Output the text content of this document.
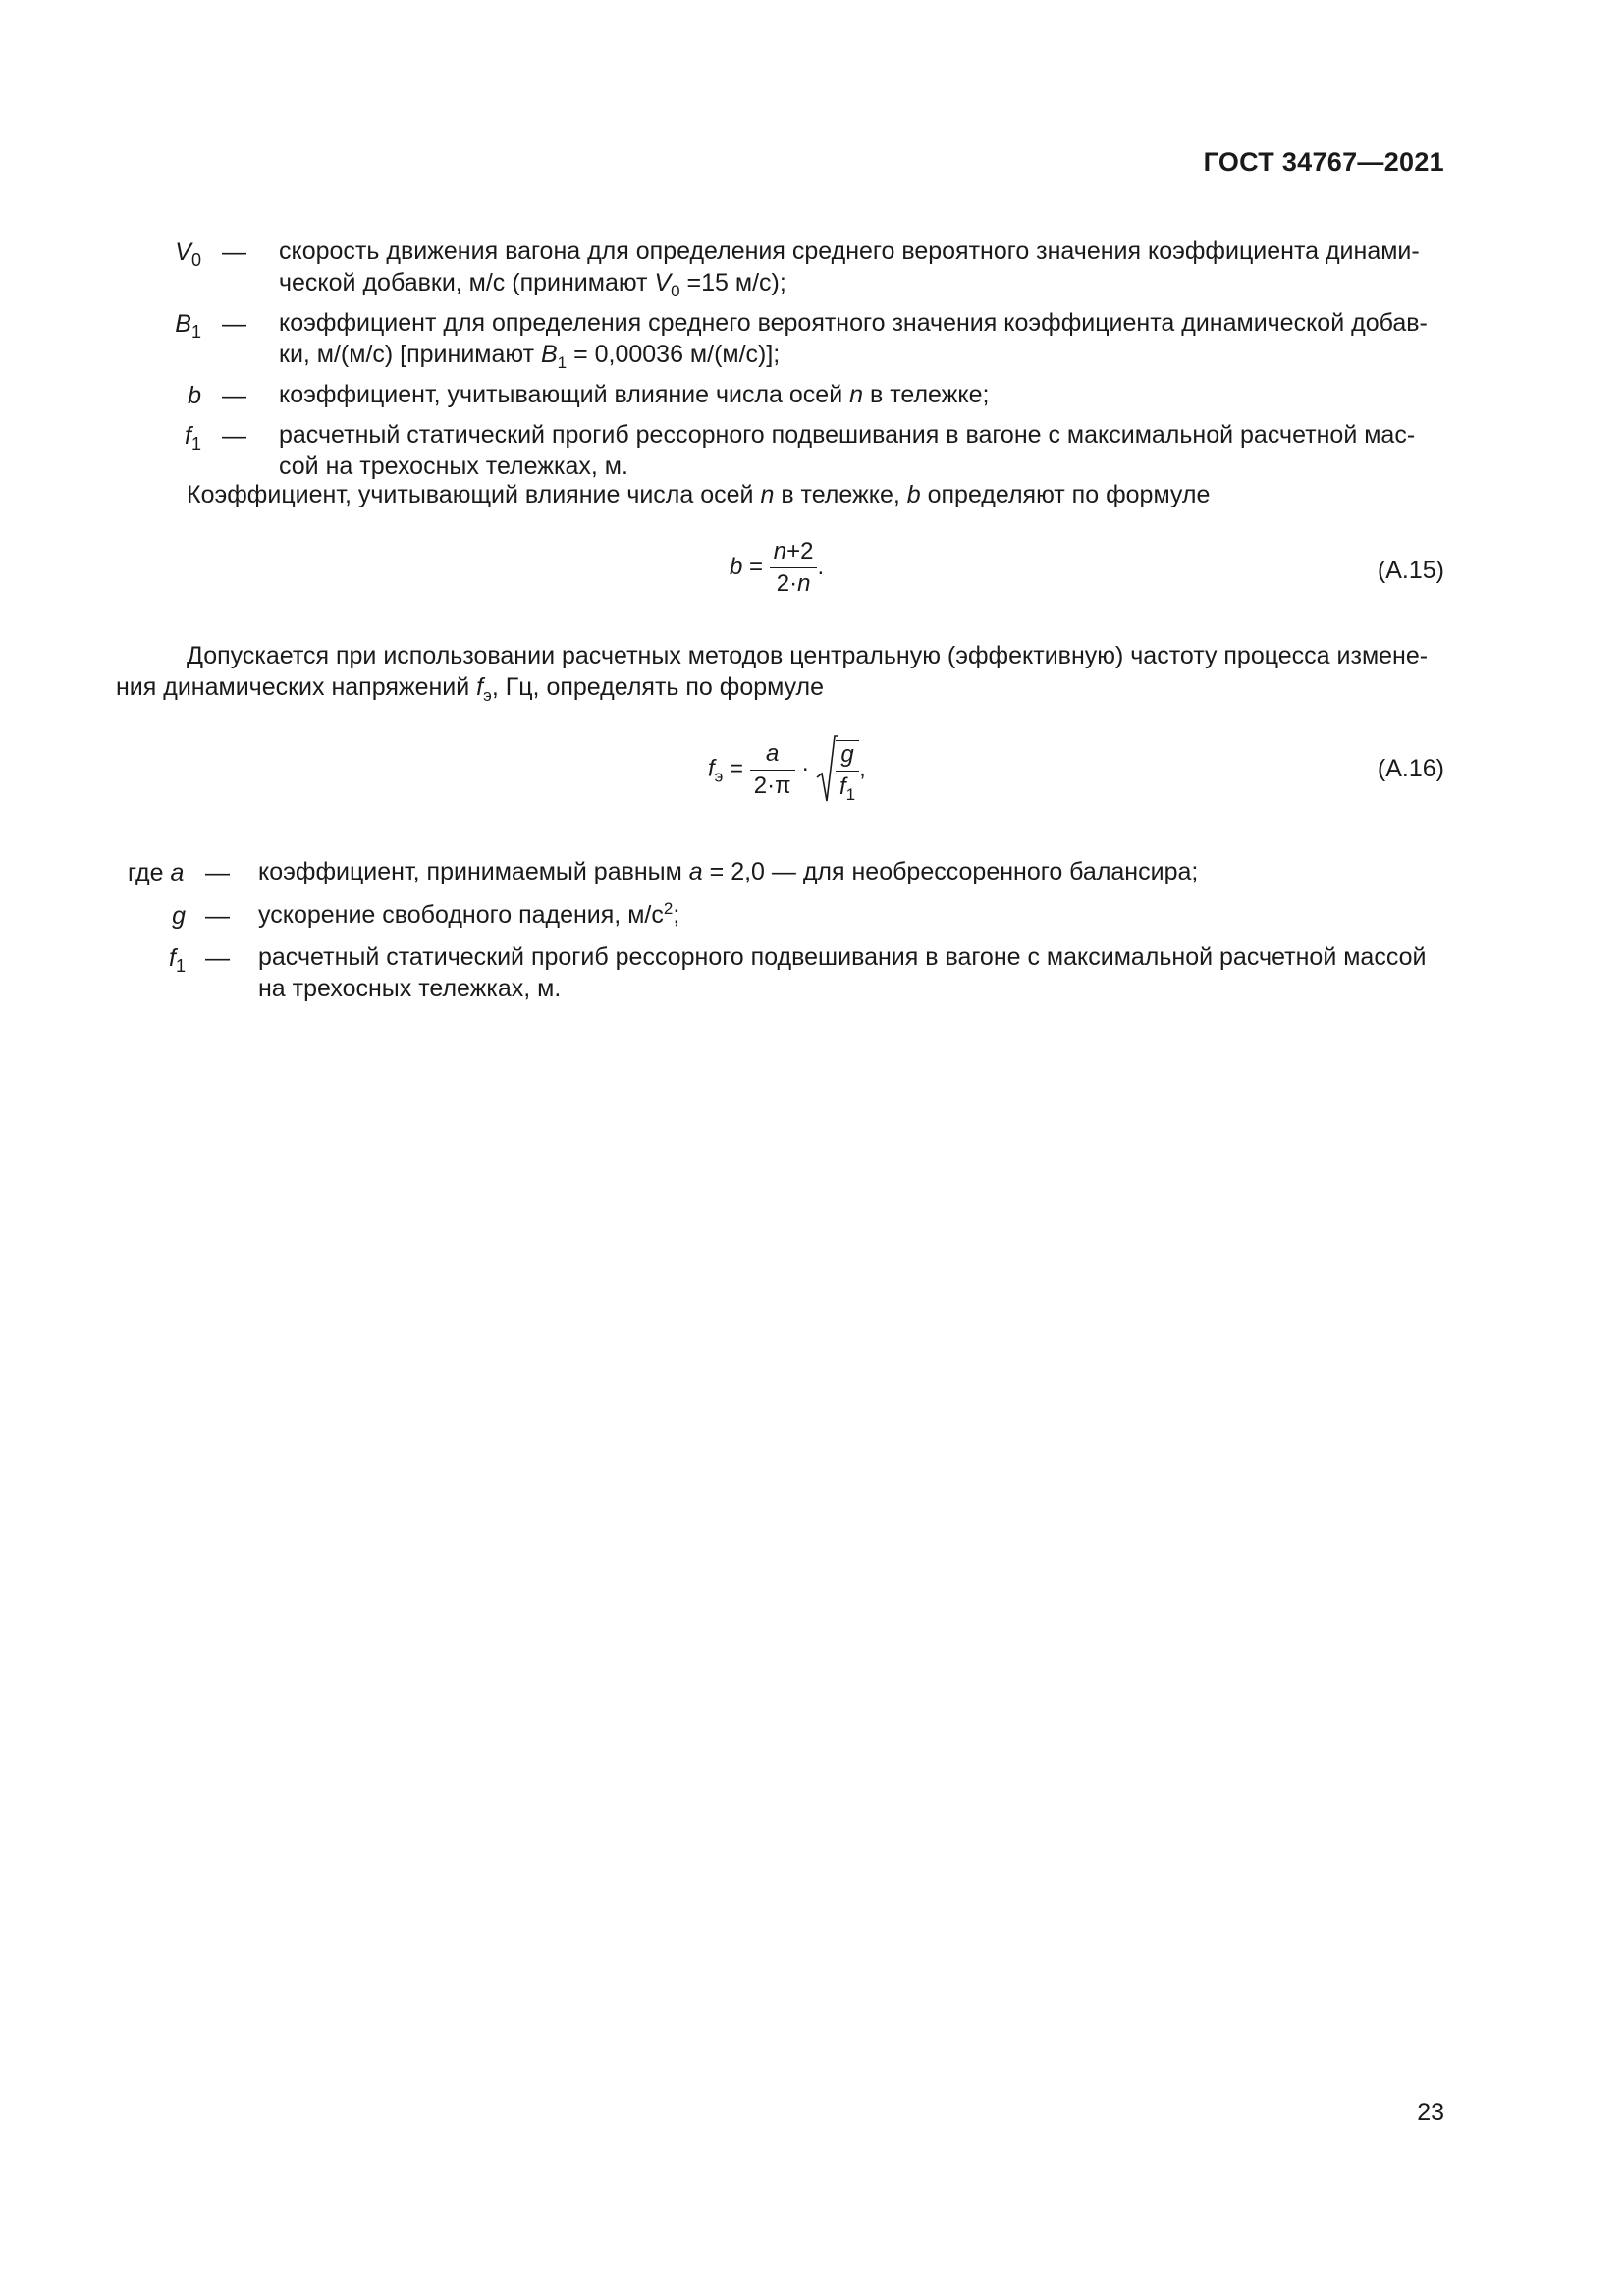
ГОСТ 34767—2021
$V_0$ — скорость движения вагона для определения среднего вероятного значения коэффициента динами-
ческой добавки, м/с (принимают $V_0 =15$ м/с);
$B_1$ — коэффициент для определения среднего вероятного значения коэффициента динамической добав-
ки, м/(м/с) [принимают $B_1 = 0,00036$ м/(м/с)];
b — коэффициент, учитывающий влияние числа осей n в тележке;
$f_1$ — расчетный статический прогиб рессорного подвешивания в вагоне с максимальной расчетной мас-
сой на трехосных тележках, м.
Коэффициент, учитывающий влияние числа осей n в тележке, b определяют по формуле
$b = \frac{n+2}{2\cdot n}$ .	(A.15)
Допускается при использовании расчетных методов центральную (эффективную) частоту процесса измене-
ния динамических напряжений $f_э$, Гц, определять по формуле
$f_э = \frac{a}{2\cdot\pi} \cdot \frac{g}{f_1}$ ,	(A.16)
где a — коэффициент, принимаемый равным a = 2,0 — для необрессоренного балансира;
g — ускорение свободного падения, $м/с^2$;
$f_1$ — расчетный статический прогиб рессорного подвешивания в вагоне с максимальной расчетной массой
на трехосных тележках, м.
23
